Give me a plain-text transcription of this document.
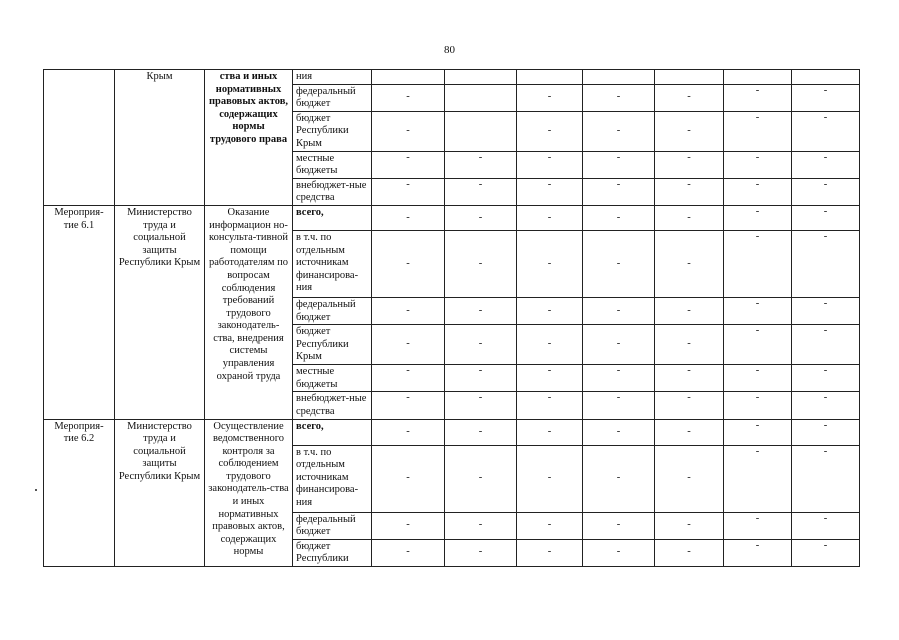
80
	Крым	ства и иных нормативных правовых актов, содержащих нормы трудового права	ния							
			федеральный бюджет	-		-	-	-	-	-
			бюджет Республики Крым	-		-	-	-	-	-
			местные бюджеты	-	-	-	-	-	-	-
			внебюджет-ные средства	-	-	-	-	-	-	-
Мероприя-тие 6.1	Министерство труда и социальной защиты Республики Крым	Оказание информацион но-консульта-тивной помощи работодателям по вопросам соблюдения требований трудового законодатель-ства, внедрения системы управления охраной труда	всего,	-	-	-	-	-	-	-
			в т.ч. по отдельным источникам финансирова-ния	-	-	-	-	-	-	-
			федеральный бюджет	-	-	-	-	-	-	-
			бюджет Республики Крым	-	-	-	-	-	-	-
			местные бюджеты	-	-	-	-	-	-	-
			внебюджет-ные средства	-	-	-	-	-	-	-
Мероприя-тие 6.2	Министерство труда и социальной защиты Республики Крым	Осуществление ведомственного контроля за соблюдением трудового законодатель-ства и иных нормативных правовых актов, содержащих нормы	всего,	-	-	-	-	-	-	-
			в т.ч. по отдельным источникам финансирова-ния	-	-	-	-	-	-	-
			федеральный бюджет	-	-	-	-	-	-	-
			бюджет Республики	-	-	-	-	-	-	-
